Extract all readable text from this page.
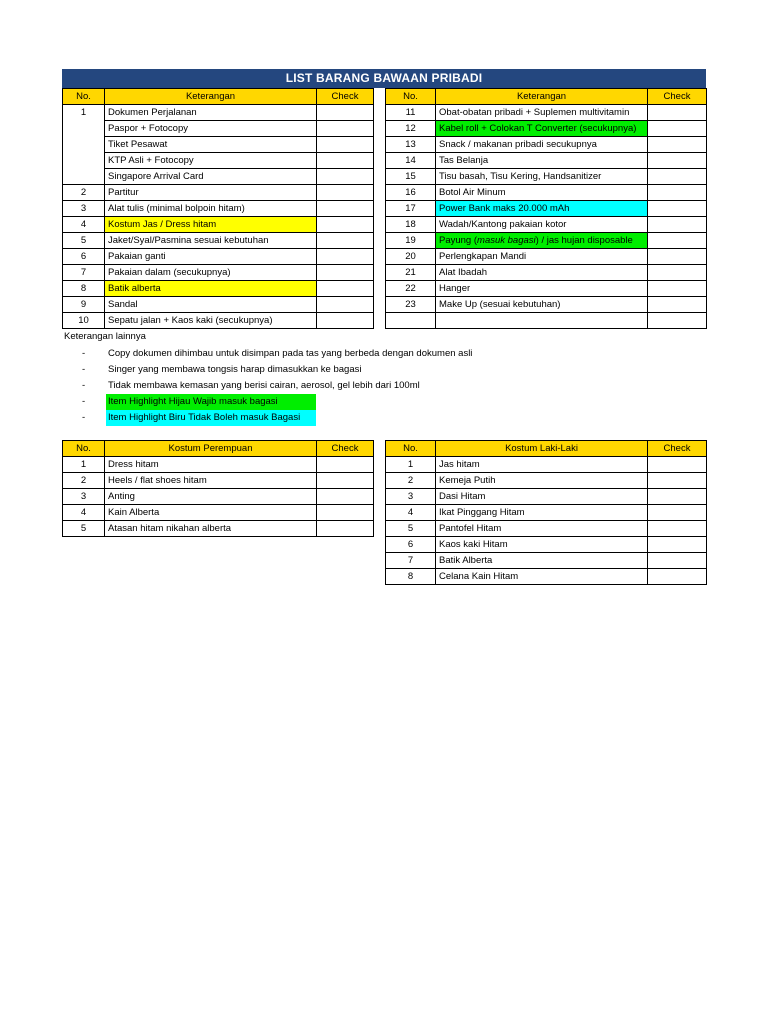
LIST BARANG BAWAAN PRIBADI
No.	Keterangan	Check
1	Dokumen Perjalanan	
	Paspor + Fotocopy	
	Tiket Pesawat	
	KTP Asli + Fotocopy	
	Singapore Arrival Card	
2	Partitur	
3	Alat tulis (minimal bolpoin hitam)	
4	Kostum Jas / Dress hitam	
5	Jaket/Syal/Pasmina sesuai kebutuhan	
6	Pakaian ganti	
7	Pakaian dalam (secukupnya)	
8	Batik alberta	
9	Sandal	
10	Sepatu jalan + Kaos kaki (secukupnya)	
No.	Keterangan	Check
11	Obat-obatan pribadi + Suplemen multivitamin	
12	Kabel roll + Colokan T Converter (secukupnya)	
13	Snack / makanan pribadi secukupnya	
14	Tas Belanja	
15	Tisu basah, Tisu Kering, Handsanitizer	
16	Botol Air Minum	
17	Power Bank maks 20.000 mAh	
18	Wadah/Kantong pakaian kotor	
19	Payung (masuk bagasi) / jas hujan disposable	
20	Perlengkapan Mandi	
21	Alat Ibadah	
22	Hanger	
23	Make Up (sesuai kebutuhan)	

Keterangan lainnya
- Copy dokumen dihimbau untuk disimpan pada tas yang berbeda dengan dokumen asli
- Singer yang membawa tongsis harap dimasukkan ke bagasi
- Tidak membawa kemasan yang berisi cairan, aerosol, gel lebih dari 100ml
- Item Highlight Hijau Wajib masuk bagasi
- Item Highlight Biru Tidak Boleh masuk Bagasi
No.	Kostum Perempuan	Check
1	Dress hitam	
2	Heels / flat shoes hitam	
3	Anting	
4	Kain Alberta	
5	Atasan hitam nikahan alberta	
No.	Kostum Laki-Laki	Check
1	Jas hitam	
2	Kemeja Putih	
3	Dasi Hitam	
4	Ikat Pinggang Hitam	
5	Pantofel Hitam	
6	Kaos kaki Hitam	
7	Batik Alberta	
8	Celana Kain Hitam	
